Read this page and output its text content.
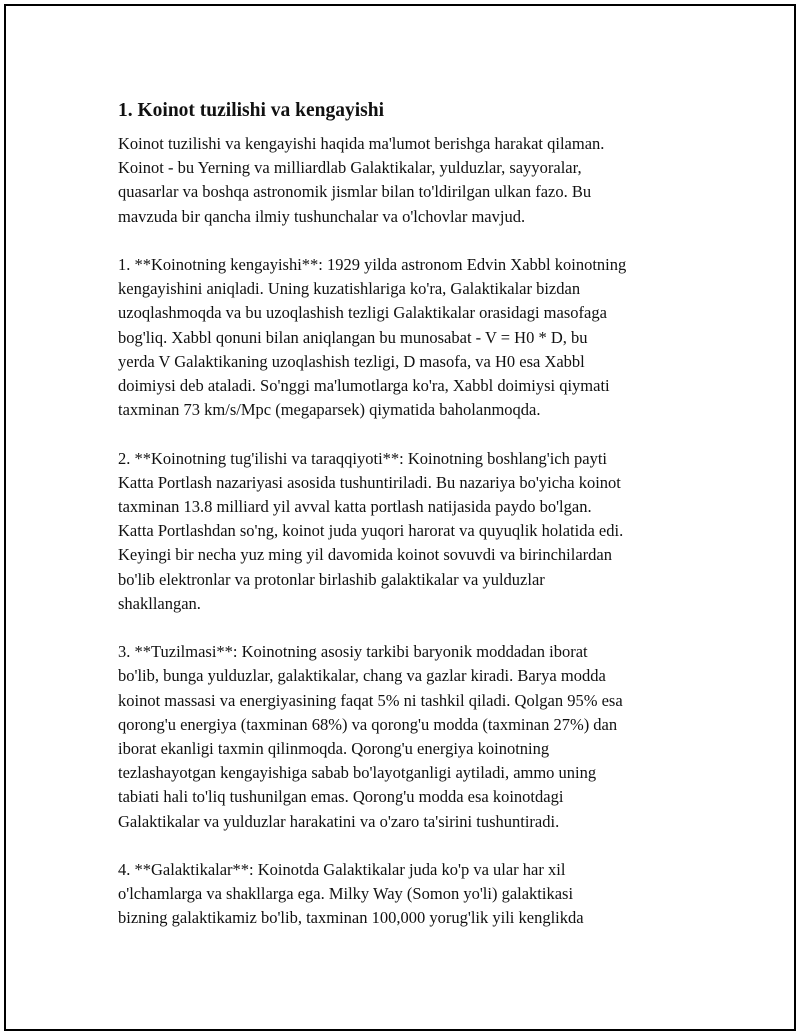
1. Koinot tuzilishi va kengayishi

Koinot tuzilishi va kengayishi haqida ma'lumot berishga harakat qilaman.
Koinot - bu Yerning va milliardlab Galaktikalar, yulduzlar, sayyoralar,
quasarlar va boshqa astronomik jismlar bilan to'ldirilgan ulkan fazo. Bu
mavzuda bir qancha ilmiy tushunchalar va o'lchovlar mavjud.

1. **Koinotning kengayishi**: 1929 yilda astronom Edvin Xabbl koinotning
kengayishini aniqladi. Uning kuzatishlariga ko'ra, Galaktikalar bizdan
uzoqlashmoqda va bu uzoqlashish tezligi Galaktikalar orasidagi masofaga
bog'liq. Xabbl qonuni bilan aniqlangan bu munosabat - V = H0 * D, bu
yerda V Galaktikaning uzoqlashish tezligi, D masofa, va H0 esa Xabbl
doimiysi deb ataladi. So'nggi ma'lumotlarga ko'ra, Xabbl doimiysi qiymati
taxminan 73 km/s/Mpc (megaparsek) qiymatida baholanmoqda.

2. **Koinotning tug'ilishi va taraqqiyoti**: Koinotning boshlang'ich payti
Katta Portlash nazariyasi asosida tushuntiriladi. Bu nazariya bo'yicha koinot
taxminan 13.8 milliard yil avval katta portlash natijasida paydo bo'lgan.
Katta Portlashdan so'ng, koinot juda yuqori harorat va quyuqlik holatida edi.
Keyingi bir necha yuz ming yil davomida koinot sovuvdi va birinchilardan
bo'lib elektronlar va protonlar birlashib galaktikalar va yulduzlar
shakllangan.

3. **Tuzilmasi**: Koinotning asosiy tarkibi baryonik moddadan iborat
bo'lib, bunga yulduzlar, galaktikalar, chang va gazlar kiradi. Barya modda
koinot massasi va energiyasining faqat 5% ni tashkil qiladi. Qolgan 95% esa
qorong'u energiya (taxminan 68%) va qorong'u modda (taxminan 27%) dan
iborat ekanligi taxmin qilinmoqda. Qorong'u energiya koinotning
tezlashayotgan kengayishiga sabab bo'layotganligi aytiladi, ammo uning
tabiati hali to'liq tushunilgan emas. Qorong'u modda esa koinotdagi
Galaktikalar va yulduzlar harakatini va o'zaro ta'sirini tushuntiradi.

4. **Galaktikalar**: Koinotda Galaktikalar juda ko'p va ular har xil
o'lchamlarga va shakllarga ega. Milky Way (Somon yo'li) galaktikasi
bizning galaktikamiz bo'lib, taxminan 100,000 yorug'lik yili kenglikda
